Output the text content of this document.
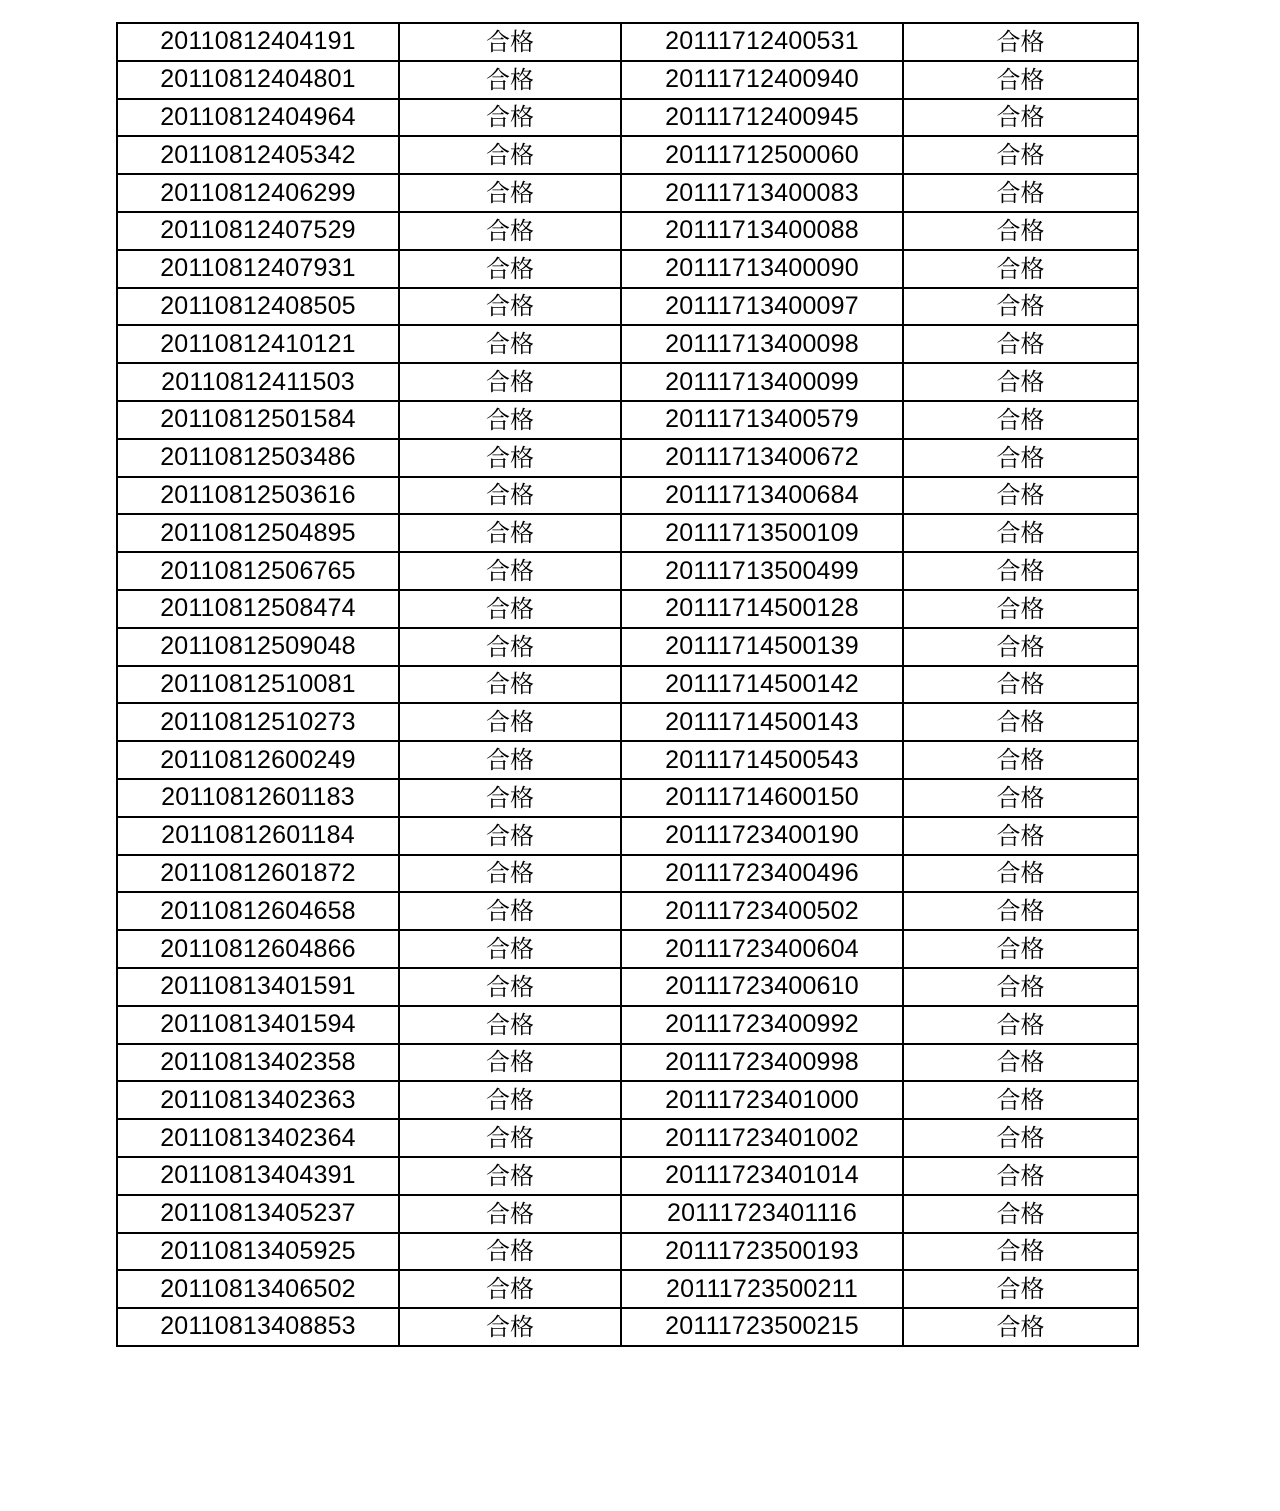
20110812404191	合格	20111712400531	合格
20110812404801	合格	20111712400940	合格
20110812404964	合格	20111712400945	合格
20110812405342	合格	20111712500060	合格
20110812406299	合格	20111713400083	合格
20110812407529	合格	20111713400088	合格
20110812407931	合格	20111713400090	合格
20110812408505	合格	20111713400097	合格
20110812410121	合格	20111713400098	合格
20110812411503	合格	20111713400099	合格
20110812501584	合格	20111713400579	合格
20110812503486	合格	20111713400672	合格
20110812503616	合格	20111713400684	合格
20110812504895	合格	20111713500109	合格
20110812506765	合格	20111713500499	合格
20110812508474	合格	20111714500128	合格
20110812509048	合格	20111714500139	合格
20110812510081	合格	20111714500142	合格
20110812510273	合格	20111714500143	合格
20110812600249	合格	20111714500543	合格
20110812601183	合格	20111714600150	合格
20110812601184	合格	20111723400190	合格
20110812601872	合格	20111723400496	合格
20110812604658	合格	20111723400502	合格
20110812604866	合格	20111723400604	合格
20110813401591	合格	20111723400610	合格
20110813401594	合格	20111723400992	合格
20110813402358	合格	20111723400998	合格
20110813402363	合格	20111723401000	合格
20110813402364	合格	20111723401002	合格
20110813404391	合格	20111723401014	合格
20110813405237	合格	20111723401116	合格
20110813405925	合格	20111723500193	合格
20110813406502	合格	20111723500211	合格
20110813408853	合格	20111723500215	合格
